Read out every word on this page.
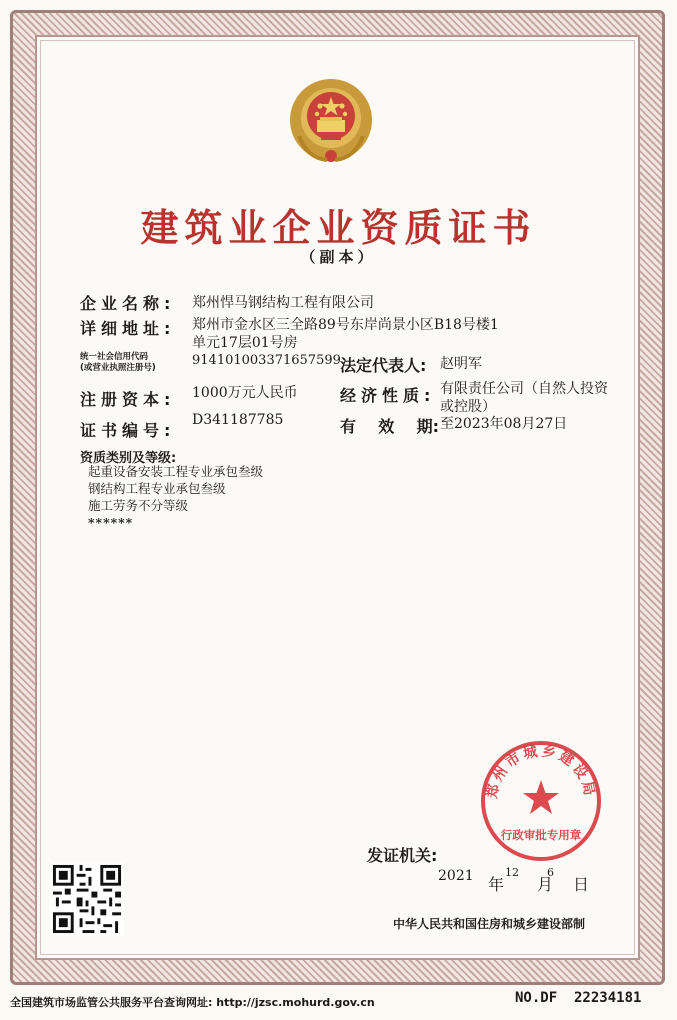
建筑业企业资质证书
（副本）
企业名称: 郑州悍马钢结构工程有限公司
详细地址: 郑州市金水区三全路89号东岸尚景小区B18号楼1
单元17层01号房
统一社会信用代码
(或营业执照注册号)	914101003371657599 法定代表人: 赵明军
注册资本: 1000万元人民币	经济性质: 有限责任公司（自然人投资
或控股）
证书编号:
D341187785	有    效    期: 至2023年08月27日
资质类别及等级:
起重设备安装工程专业承包叁级
钢结构工程专业承包叁级
施工劳务不分等级
******
发证机关:
2021 年
12
月
6
日
中华人民共和国住房和城乡建设部制
郑州市城乡建设局
行政审批专用章
全国建筑市场监管公共服务平台查询网址: http://jzsc.mohurd.gov.cn	NO.DF  22234181
